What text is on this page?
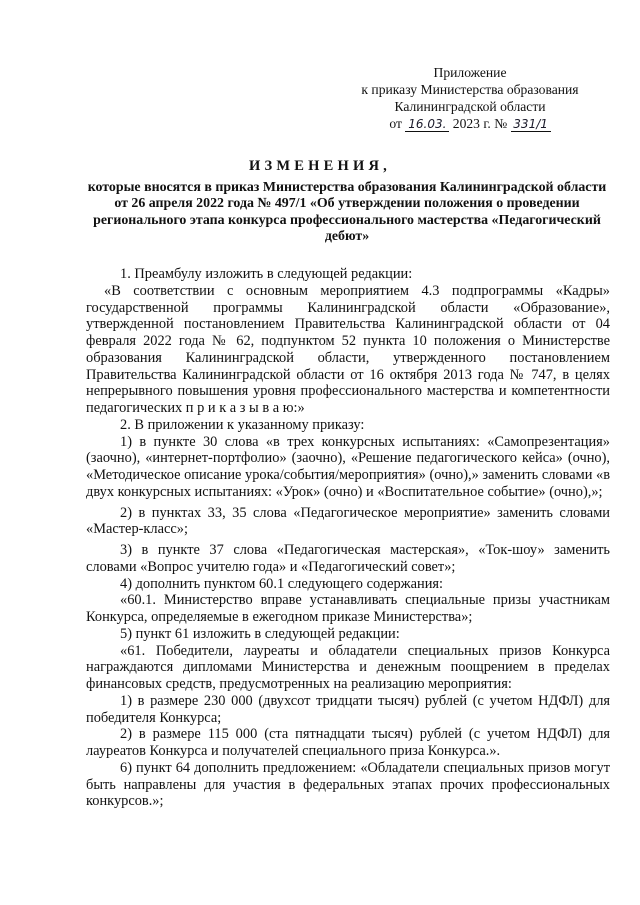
Приложение
к приказу Министерства образования
Калининградской области
от 16.03. 2023 г. № 331/1
ИЗМЕНЕНИЯ,
которые вносятся в приказ Министерства образования Калининградской области от 26 апреля 2022 года № 497/1 «Об утверждении положения о проведении регионального этапа конкурса профессионального мастерства «Педагогический дебют»

1. Преамбулу изложить в следующей редакции:

«В соответствии с основным мероприятием 4.3 подпрограммы «Кадры» государственной программы Калининградской области «Образование», утвержденной постановлением Правительства Калининградской области от 04 февраля 2022 года № 62, подпунктом 52 пункта 10 положения о Министерстве образования Калининградской области, утвержденного постановлением Правительства Калининградской области от 16 октября 2013 года № 747, в целях непрерывного повышения уровня профессионального мастерства и компетентности педагогических п р и к а з ы в а ю:»

2. В приложении к указанному приказу:

1) в пункте 30 слова «в трех конкурсных испытаниях: «Самопрезентация» (заочно), «интернет-портфолио» (заочно), «Решение педагогического кейса» (очно), «Методическое описание урока/события/мероприятия» (очно),» заменить словами «в двух конкурсных испытаниях: «Урок» (очно) и «Воспитательное событие» (очно),»;

2) в пунктах 33, 35 слова «Педагогическое мероприятие» заменить словами «Мастер-класс»;

3) в пункте 37 слова «Педагогическая мастерская», «Ток-шоу» заменить словами «Вопрос учителю года» и «Педагогический совет»;

4) дополнить пунктом 60.1 следующего содержания:

«60.1. Министерство вправе устанавливать специальные призы участникам Конкурса, определяемые в ежегодном приказе Министерства»;

5) пункт 61 изложить в следующей редакции:

«61. Победители, лауреаты и обладатели специальных призов Конкурса награждаются дипломами Министерства и денежным поощрением в пределах финансовых средств, предусмотренных на реализацию мероприятия:

1) в размере 230 000 (двухсот тридцати тысяч) рублей (с учетом НДФЛ) для победителя Конкурса;

2) в размере 115 000 (ста пятнадцати тысяч) рублей (с учетом НДФЛ) для лауреатов Конкурса и получателей специального приза Конкурса.».

6) пункт 64 дополнить предложением: «Обладатели специальных призов могут быть направлены для участия в федеральных этапах прочих профессиональных конкурсов.»;
